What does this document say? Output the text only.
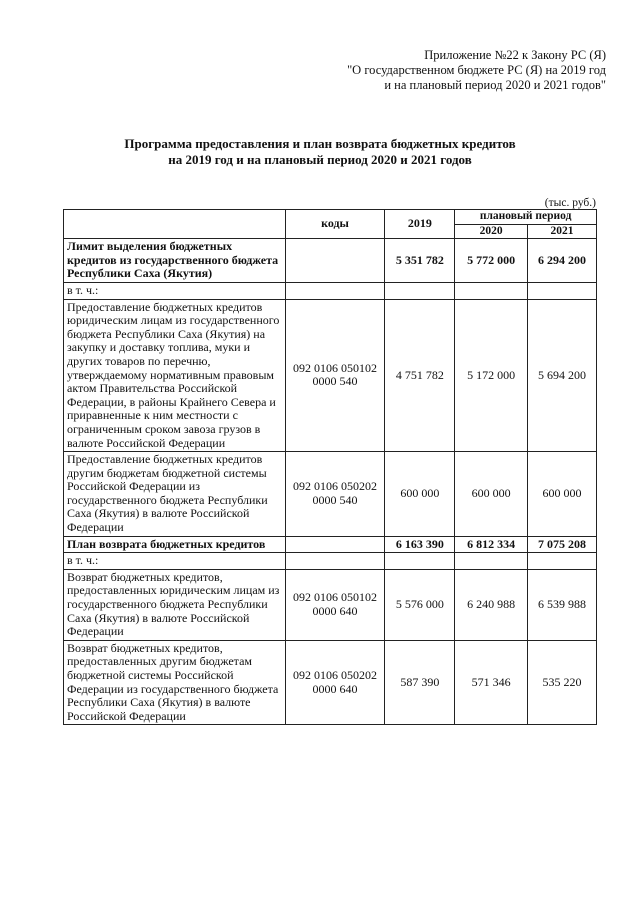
Приложение №22 к Закону РС (Я)
"О государственном бюджете РС (Я) на 2019 год
и на плановый период 2020 и 2021 годов"
Программа предоставления и план возврата бюджетных кредитов
на 2019 год и на плановый период 2020 и 2021 годов
(тыс. руб.)
	коды	2019	плановый период	
			2020	2021
Лимит выделения бюджетных кредитов из государственного бюджета Республики Саха (Якутия)		5 351 782	5 772 000	6 294 200
в т. ч.:				
Предоставление бюджетных кредитов юридическим лицам из государственного бюджета Республики Саха (Якутия) на закупку и доставку топлива, муки и других товаров по перечню, утверждаемому нормативным правовым актом Правительства Российской Федерации, в районы Крайнего Севера и приравненные к ним местности с ограниченным сроком завоза грузов в валюте Российской Федерации	092 0106 050102 0000 540	4 751 782	5 172 000	5 694 200
Предоставление бюджетных кредитов другим бюджетам бюджетной системы Российской Федерации из государственного бюджета Республики Саха (Якутия) в валюте Российской Федерации	092 0106 050202 0000 540	600 000	600 000	600 000
План возврата бюджетных кредитов		6 163 390	6 812 334	7 075 208
в т. ч.:				
Возврат бюджетных кредитов, предоставленных юридическим лицам из государственного бюджета Республики Саха (Якутия) в валюте Российской Федерации	092 0106 050102 0000 640	5 576 000	6 240 988	6 539 988
Возврат бюджетных кредитов, предоставленных другим бюджетам бюджетной системы Российской Федерации из государственного бюджета Республики Саха (Якутия) в валюте Российской Федерации	092 0106 050202 0000 640	587 390	571 346	535 220
